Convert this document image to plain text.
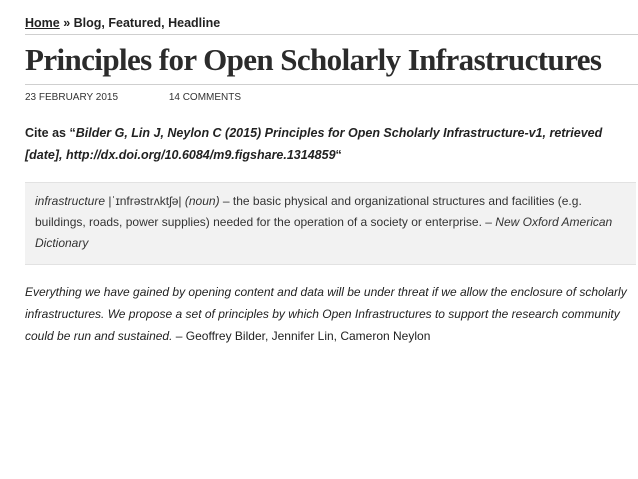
Home » Blog, Featured, Headline
Principles for Open Scholarly Infrastructures
23 FEBRUARY 2015	14 COMMENTS
Cite as “Bilder G, Lin J, Neylon C (2015) Principles for Open Scholarly Infrastructure-v1, retrieved [date], http://dx.doi.org/10.6084/m9.figshare.1314859“
infrastructure |ˈɪnfrəstrʌktʃə| (noun) – the basic physical and organizational structures and facilities (e.g. buildings, roads, power supplies) needed for the operation of a society or enterprise. – New Oxford American Dictionary
Everything we have gained by opening content and data will be under threat if we allow the enclosure of scholarly infrastructures. We propose a set of principles by which Open Infrastructures to support the research community could be run and sustained. – Geoffrey Bilder, Jennifer Lin, Cameron Neylon
